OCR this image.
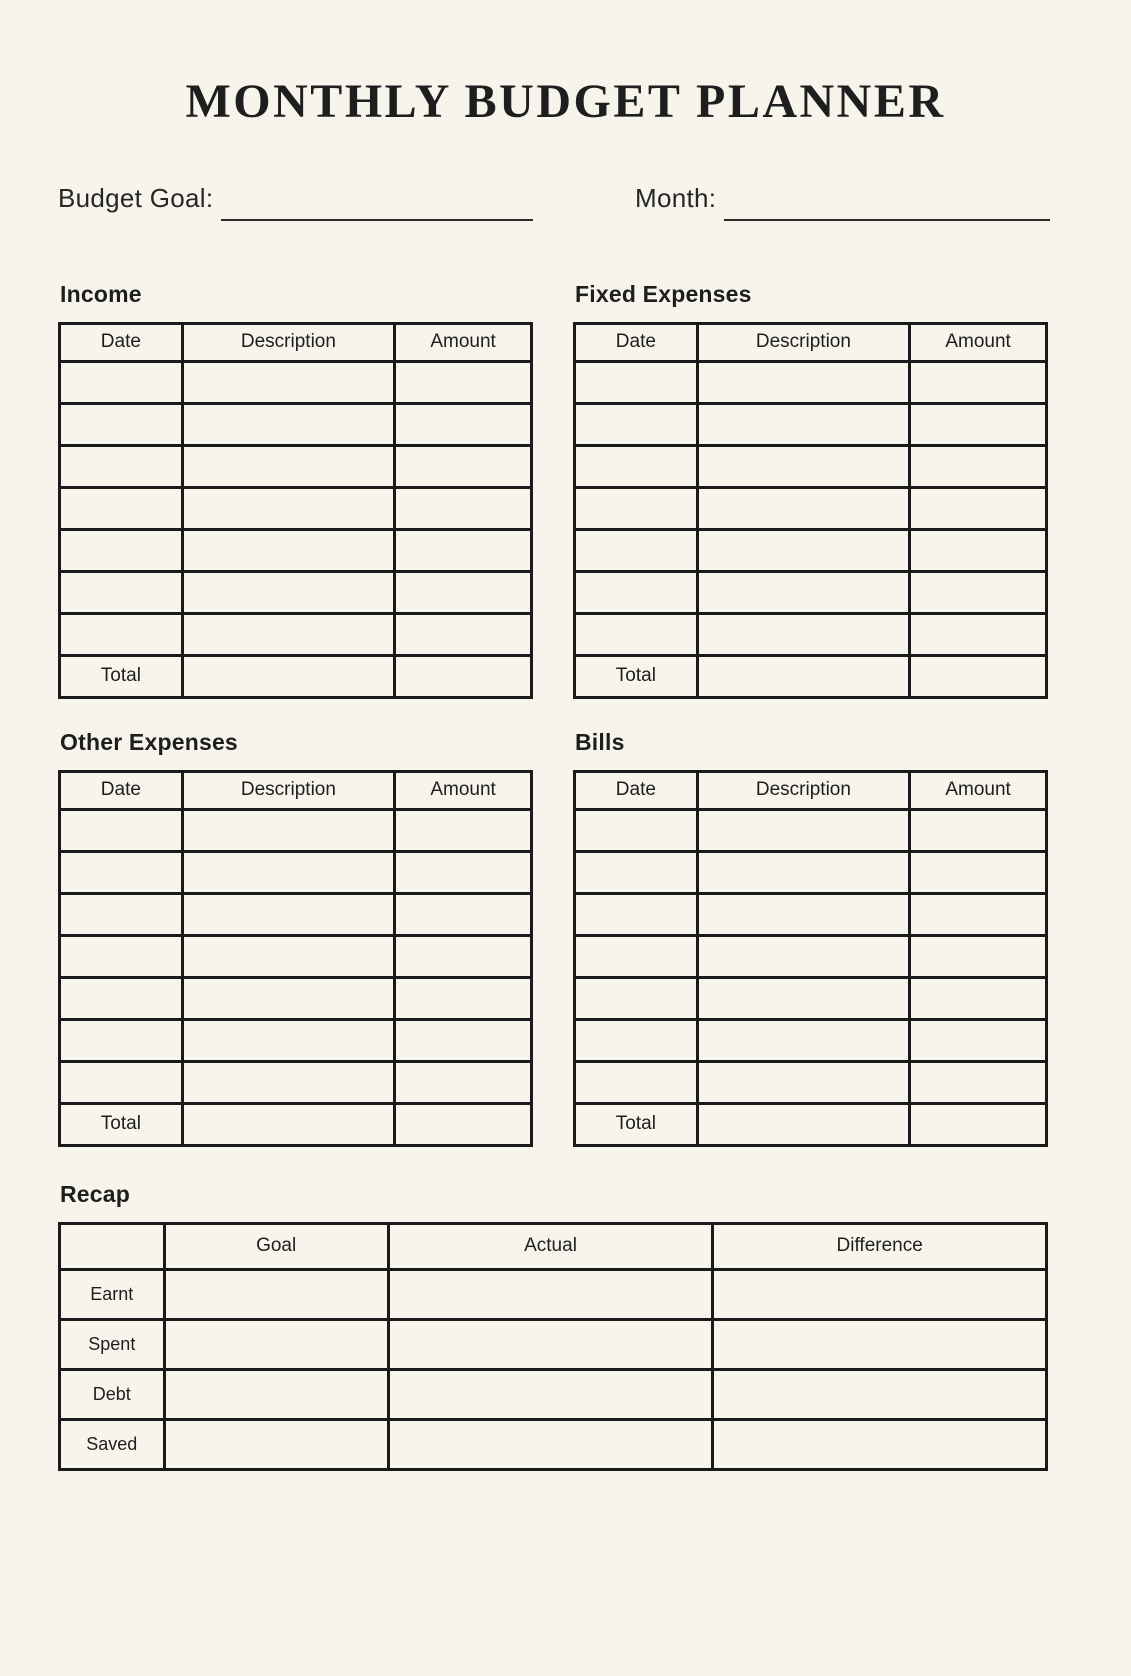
MONTHLY BUDGET PLANNER
Budget Goal:	Month:
Income
Date	Description	Amount

Total		
Fixed Expenses
Date	Description	Amount

Total		
Other Expenses
Date	Description	Amount

Total		
Bills
Date	Description	Amount

Total		
Recap
	Goal	Actual	Difference
Earnt			
Spent			
Debt			
Saved			
